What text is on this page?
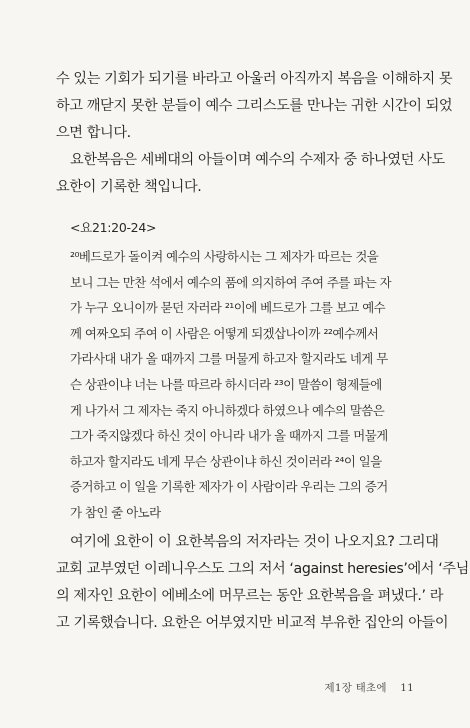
수 있는 기회가 되기를 바라고 아울러 아직까지 복음을 이해하지 못
하고 깨닫지 못한 분들이 예수 그리스도를 만나는 귀한 시간이 되었
으면 합니다.
요한복음은 세베대의 아들이며 예수의 수제자 중 하나였던 사도
요한이 기록한 책입니다.
<요21:20-24>
²⁰베드로가 돌이켜 예수의 사랑하시는 그 제자가 따르는 것을
보니 그는 만찬 석에서 예수의 품에 의지하여 주여 주를 파는 자
가 누구 오니이까 묻던 자러라 ²¹이에 베드로가 그를 보고 예수
께 여짜오되 주여 이 사람은 어떻게 되겠삽나이까 ²²예수께서
가라사대 내가 올 때까지 그를 머물게 하고자 할지라도 네게 무
슨 상관이냐 너는 나를 따르라 하시더라 ²³이 말씀이 형제들에
게 나가서 그 제자는 죽지 아니하겠다 하였으나 예수의 말씀은
그가 죽지않겠다 하신 것이 아니라 내가 올 때까지 그를 머물게
하고자 할지라도 네게 무슨 상관이냐 하신 것이러라 ²⁴이 일을
증거하고 이 일을 기록한 제자가 이 사람이라 우리는 그의 증거
가 참인 줄 아노라
여기에 요한이 이 요한복음의 저자라는 것이 나오지요? 그리대
교회 교부였던 이레니우스도 그의 저서 ‘against heresies’에서 ‘주님
의 제자인 요한이 에베소에 머무르는 동안 요한복음을 펴냈다.’ 라
고 기록했습니다. 요한은 어부였지만 비교적 부유한 집안의 아들이
제1장 태초에 11
